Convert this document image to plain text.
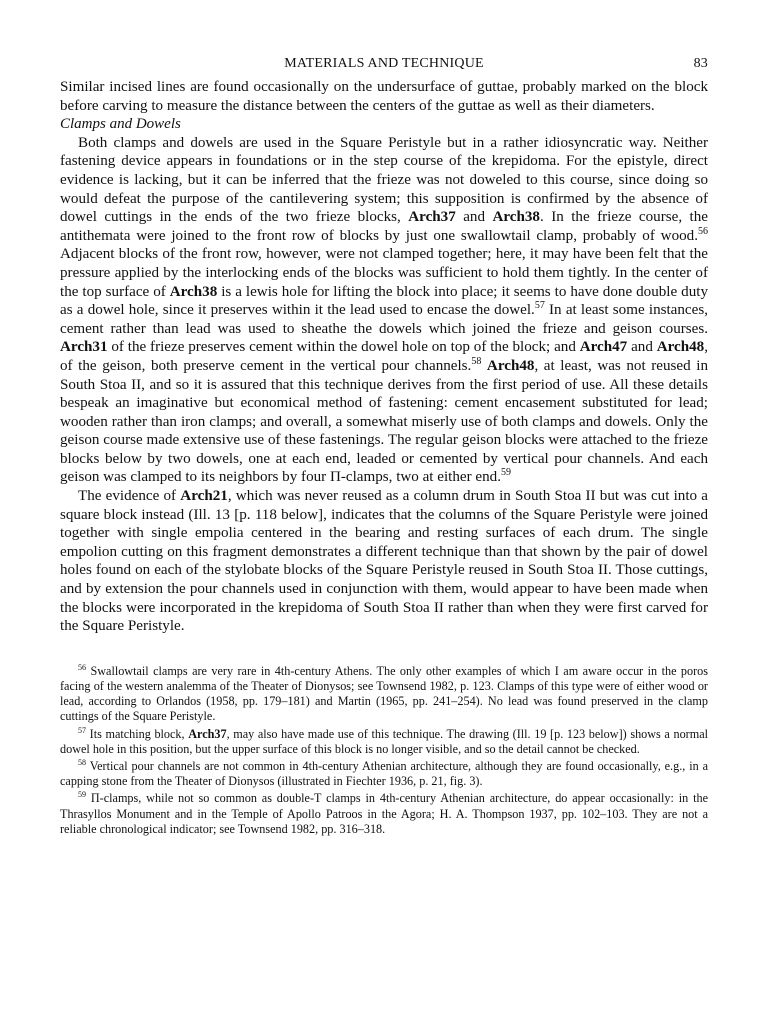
MATERIALS AND TECHNIQUE	83

Similar incised lines are found occasionally on the undersurface of guttae, probably marked on the block before carving to measure the distance between the centers of the guttae as well as their diameters.

Clamps and Dowels

Both clamps and dowels are used in the Square Peristyle but in a rather idiosyncratic way. Neither fastening device appears in foundations or in the step course of the krepidoma. For the epistyle, direct evidence is lacking, but it can be inferred that the frieze was not doweled to this course, since doing so would defeat the purpose of the cantilevering system; this supposition is confirmed by the absence of dowel cuttings in the ends of the two frieze blocks, Arch37 and Arch38. In the frieze course, the antithemata were joined to the front row of blocks by just one swallowtail clamp, probably of wood.$^{56}$ Adjacent blocks of the front row, however, were not clamped together; here, it may have been felt that the pressure applied by the interlocking ends of the blocks was sufficient to hold them tightly. In the center of the top surface of Arch38 is a lewis hole for lifting the block into place; it seems to have done double duty as a dowel hole, since it preserves within it the lead used to encase the dowel.$^{57}$ In at least some instances, cement rather than lead was used to sheathe the dowels which joined the frieze and geison courses. Arch31 of the frieze preserves cement within the dowel hole on top of the block; and Arch47 and Arch48, of the geison, both preserve cement in the vertical pour channels.$^{58}$ Arch48, at least, was not reused in South Stoa II, and so it is assured that this technique derives from the first period of use. All these details bespeak an imaginative but economical method of fastening: cement encasement substituted for lead; wooden rather than iron clamps; and overall, a somewhat miserly use of both clamps and dowels. Only the geison course made extensive use of these fastenings. The regular geison blocks were attached to the frieze blocks below by two dowels, one at each end, leaded or cemented by vertical pour channels. And each geison was clamped to its neighbors by four Π-clamps, two at either end.$^{59}$

The evidence of Arch21, which was never reused as a column drum in South Stoa II but was cut into a square block instead (Ill. 13 [p. 118 below], indicates that the columns of the Square Peristyle were joined together with single empolia centered in the bearing and resting surfaces of each drum. The single empolion cutting on this fragment demonstrates a different technique than that shown by the pair of dowel holes found on each of the stylobate blocks of the Square Peristyle reused in South Stoa II. Those cuttings, and by extension the pour channels used in conjunction with them, would appear to have been made when the blocks were incorporated in the krepidoma of South Stoa II rather than when they were first carved for the Square Peristyle.

$^{56}$ Swallowtail clamps are very rare in 4th-century Athens. The only other examples of which I am aware occur in the poros facing of the western analemma of the Theater of Dionysos; see Townsend 1982, p. 123. Clamps of this type were of either wood or lead, according to Orlandos (1958, pp. 179–181) and Martin (1965, pp. 241–254). No lead was found preserved in the clamp cuttings of the Square Peristyle.

$^{57}$ Its matching block, Arch37, may also have made use of this technique. The drawing (Ill. 19 [p. 123 below]) shows a normal dowel hole in this position, but the upper surface of this block is no longer visible, and so the detail cannot be checked.

$^{58}$ Vertical pour channels are not common in 4th-century Athenian architecture, although they are found occasionally, e.g., in a capping stone from the Theater of Dionysos (illustrated in Fiechter 1936, p. 21, fig. 3).

$^{59}$ Π-clamps, while not so common as double-T clamps in 4th-century Athenian architecture, do appear occasionally: in the Thrasyllos Monument and in the Temple of Apollo Patroos in the Agora; H. A. Thompson 1937, pp. 102–103. They are not a reliable chronological indicator; see Townsend 1982, pp. 316–318.
